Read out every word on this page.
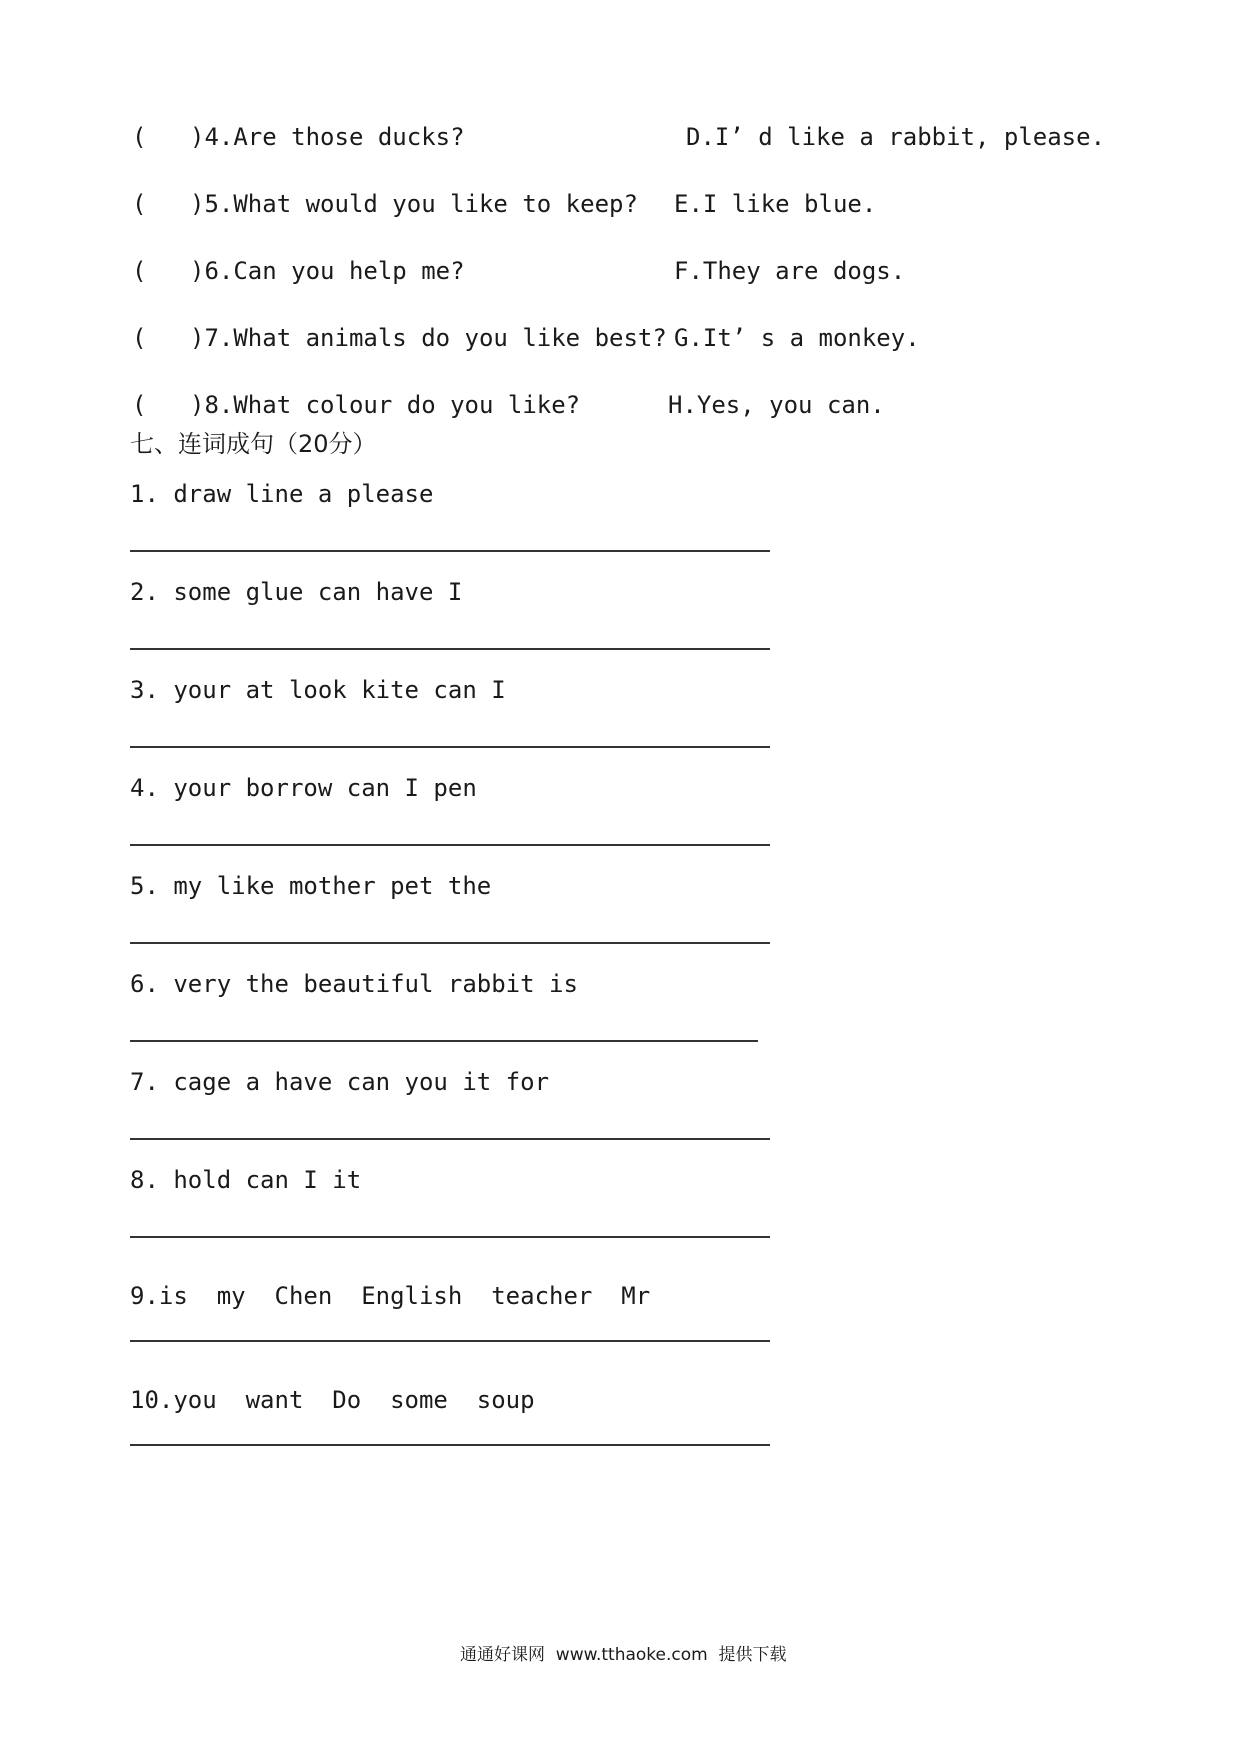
( )4.Are those ducks?	D.I’ d like a rabbit, please.
( )5.What would you like to keep? E.I like blue.
( )6.Can you help me?	F.They are dogs.
( )7.What animals do you like best? G.It’ s a monkey.
( )8.What colour do you like?	H.Yes, you can.
七、连词成句（20分）
1. draw line a please
2. some glue can have I
3. your at look kite can I
4. your borrow can I pen
5. my like mother pet the
6. very the beautiful rabbit is
7. cage a have can you it for
8. hold can I it
9.is  my  Chen  English  teacher  Mr
10.you  want  Do  some  soup
通通好课网  www.tthaoke.com  提供下载
